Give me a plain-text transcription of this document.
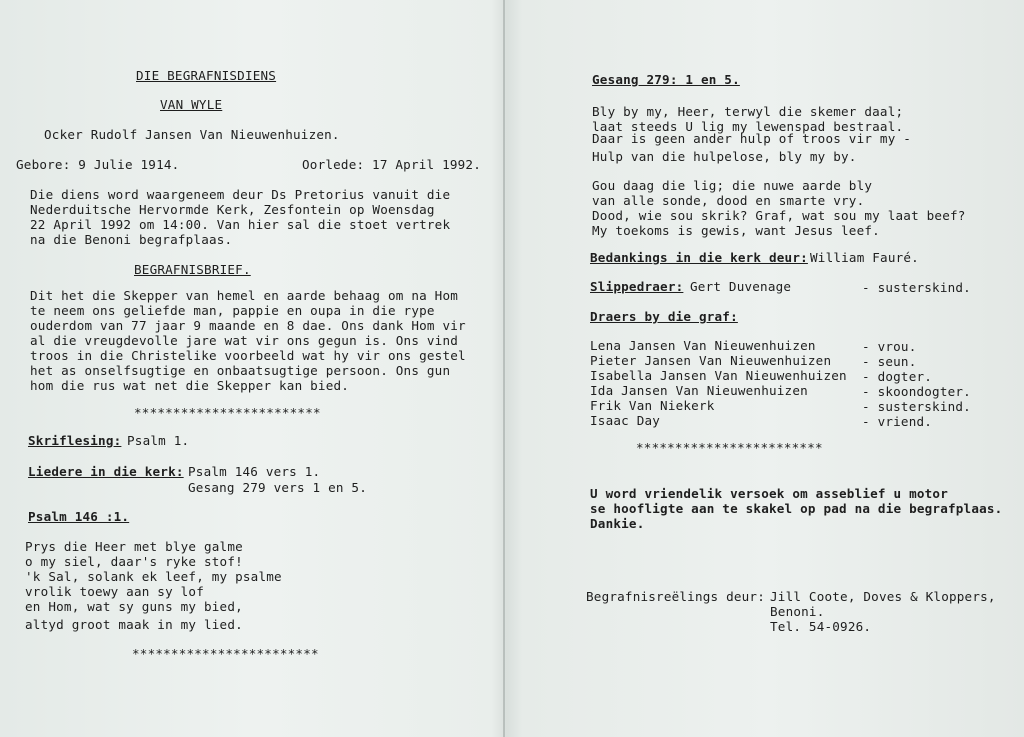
DIE BEGRAFNISDIENS
VAN WYLE
Ocker Rudolf Jansen Van Nieuwenhuizen.
Gebore: 9 Julie 1914.	Oorlede: 17 April 1992.
Die diens word waargeneem deur Ds Pretorius vanuit die
Nederduitsche Hervormde Kerk, Zesfontein op Woensdag
22 April 1992 om 14:00. Van hier sal die stoet vertrek
na die Benoni begrafplaas.
BEGRAFNISBRIEF.
Dit het die Skepper van hemel en aarde behaag om na Hom
te neem ons geliefde man, pappie en oupa in die rype
ouderdom van 77 jaar 9 maande en 8 dae. Ons dank Hom vir
al die vreugdevolle jare wat vir ons gegun is. Ons vind
troos in die Christelike voorbeeld wat hy vir ons gestel
het as onselfsugtige en onbaatsugtige persoon. Ons gun
hom die rus wat net die Skepper kan bied.
************************
Skriflesing: Psalm 1.
Liedere in die kerk: Psalm 146 vers 1.
Gesang 279 vers 1 en 5.
Psalm 146 :1.
Prys die Heer met blye galme
o my siel, daar's ryke stof!
'k Sal, solank ek leef, my psalme
vrolik toewy aan sy lof
en Hom, wat sy guns my bied,
altyd groot maak in my lied.
************************
Gesang 279: 1 en 5.
Bly by my, Heer, terwyl die skemer daal;
laat steeds U lig my lewenspad bestraal.
Daar is geen ander hulp of troos vir my -
Hulp van die hulpelose, bly my by.
Gou daag die lig; die nuwe aarde bly
van alle sonde, dood en smarte vry.
Dood, wie sou skrik? Graf, wat sou my laat beef?
My toekoms is gewis, want Jesus leef.
Bedankings in die kerk deur: William Fauré.
Slippedraer: Gert Duvenage	- susterskind.
Draers by die graf:
Lena Jansen Van Nieuwenhuizen	- vrou.
Pieter Jansen Van Nieuwenhuizen - seun.
Isabella Jansen Van Nieuwenhuizen - dogter.
Ida Jansen Van Nieuwenhuizen	- skoondogter.
Frik Van Niekerk	- susterskind.
Isaac Day	- vriend.
************************
U word vriendelik versoek om asseblief u motor
se hoofligte aan te skakel op pad na die begrafplaas.
Dankie.
Begrafnisreëlings deur: Jill Coote, Doves & Kloppers,
Benoni.
Tel. 54-0926.
